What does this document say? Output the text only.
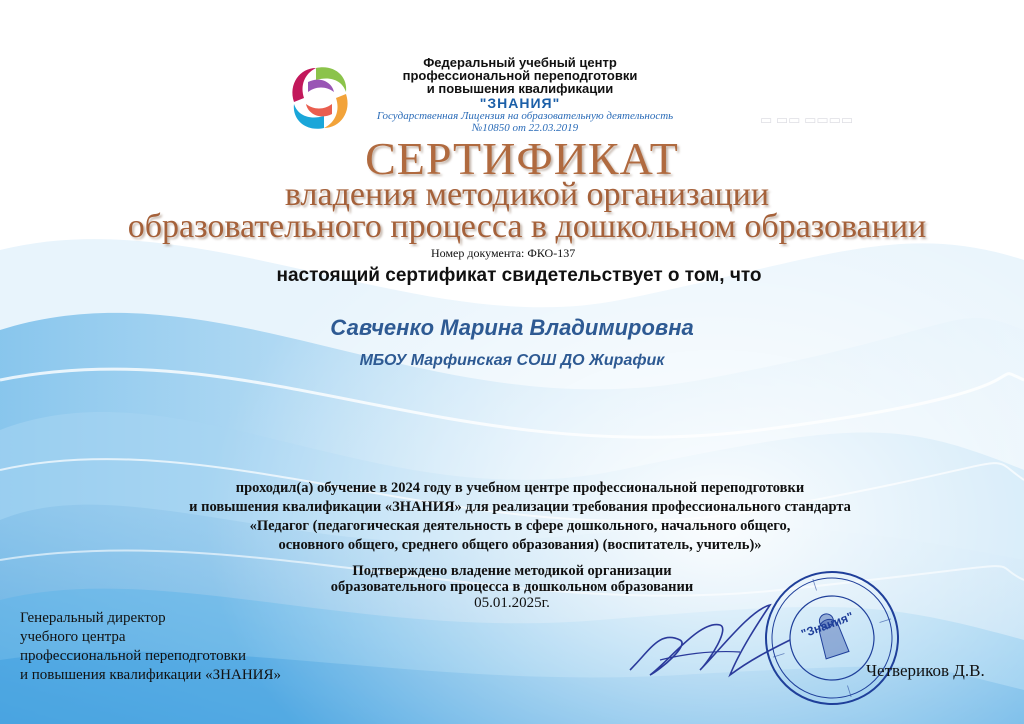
Федеральный учебный центр
профессиональной переподготовки
и повышения квалификации
"ЗНАНИЯ"
Государственная Лицензия на образовательную деятельность
№10850 от 22.03.2019
▭ ▭▭ ▭▭▭▭
СЕРТИФИКАТ
владения методикой организации
образовательного процесса в дошкольном образовании
Номер документа: ФКО-137
настоящий сертификат свидетельствует о том, что
Савченко Марина Владимировна
МБОУ Марфинская СОШ ДО Жирафик
проходил(а) обучение в 2024 году в учебном центре профессиональной переподготовки
и повышения квалификации «ЗНАНИЯ» для реализации требования профессионального стандарта
«Педагог (педагогическая деятельность в сфере дошкольного, начального общего,
основного общего, среднего общего образования) (воспитатель, учитель)»
Подтверждено владение методикой организации
образовательного процесса в дошкольном образовании
05.01.2025г.
Генеральный директор
учебного центра
профессиональной переподготовки
и повышения квалификации «ЗНАНИЯ»
"Знания"
Четвериков Д.В.
